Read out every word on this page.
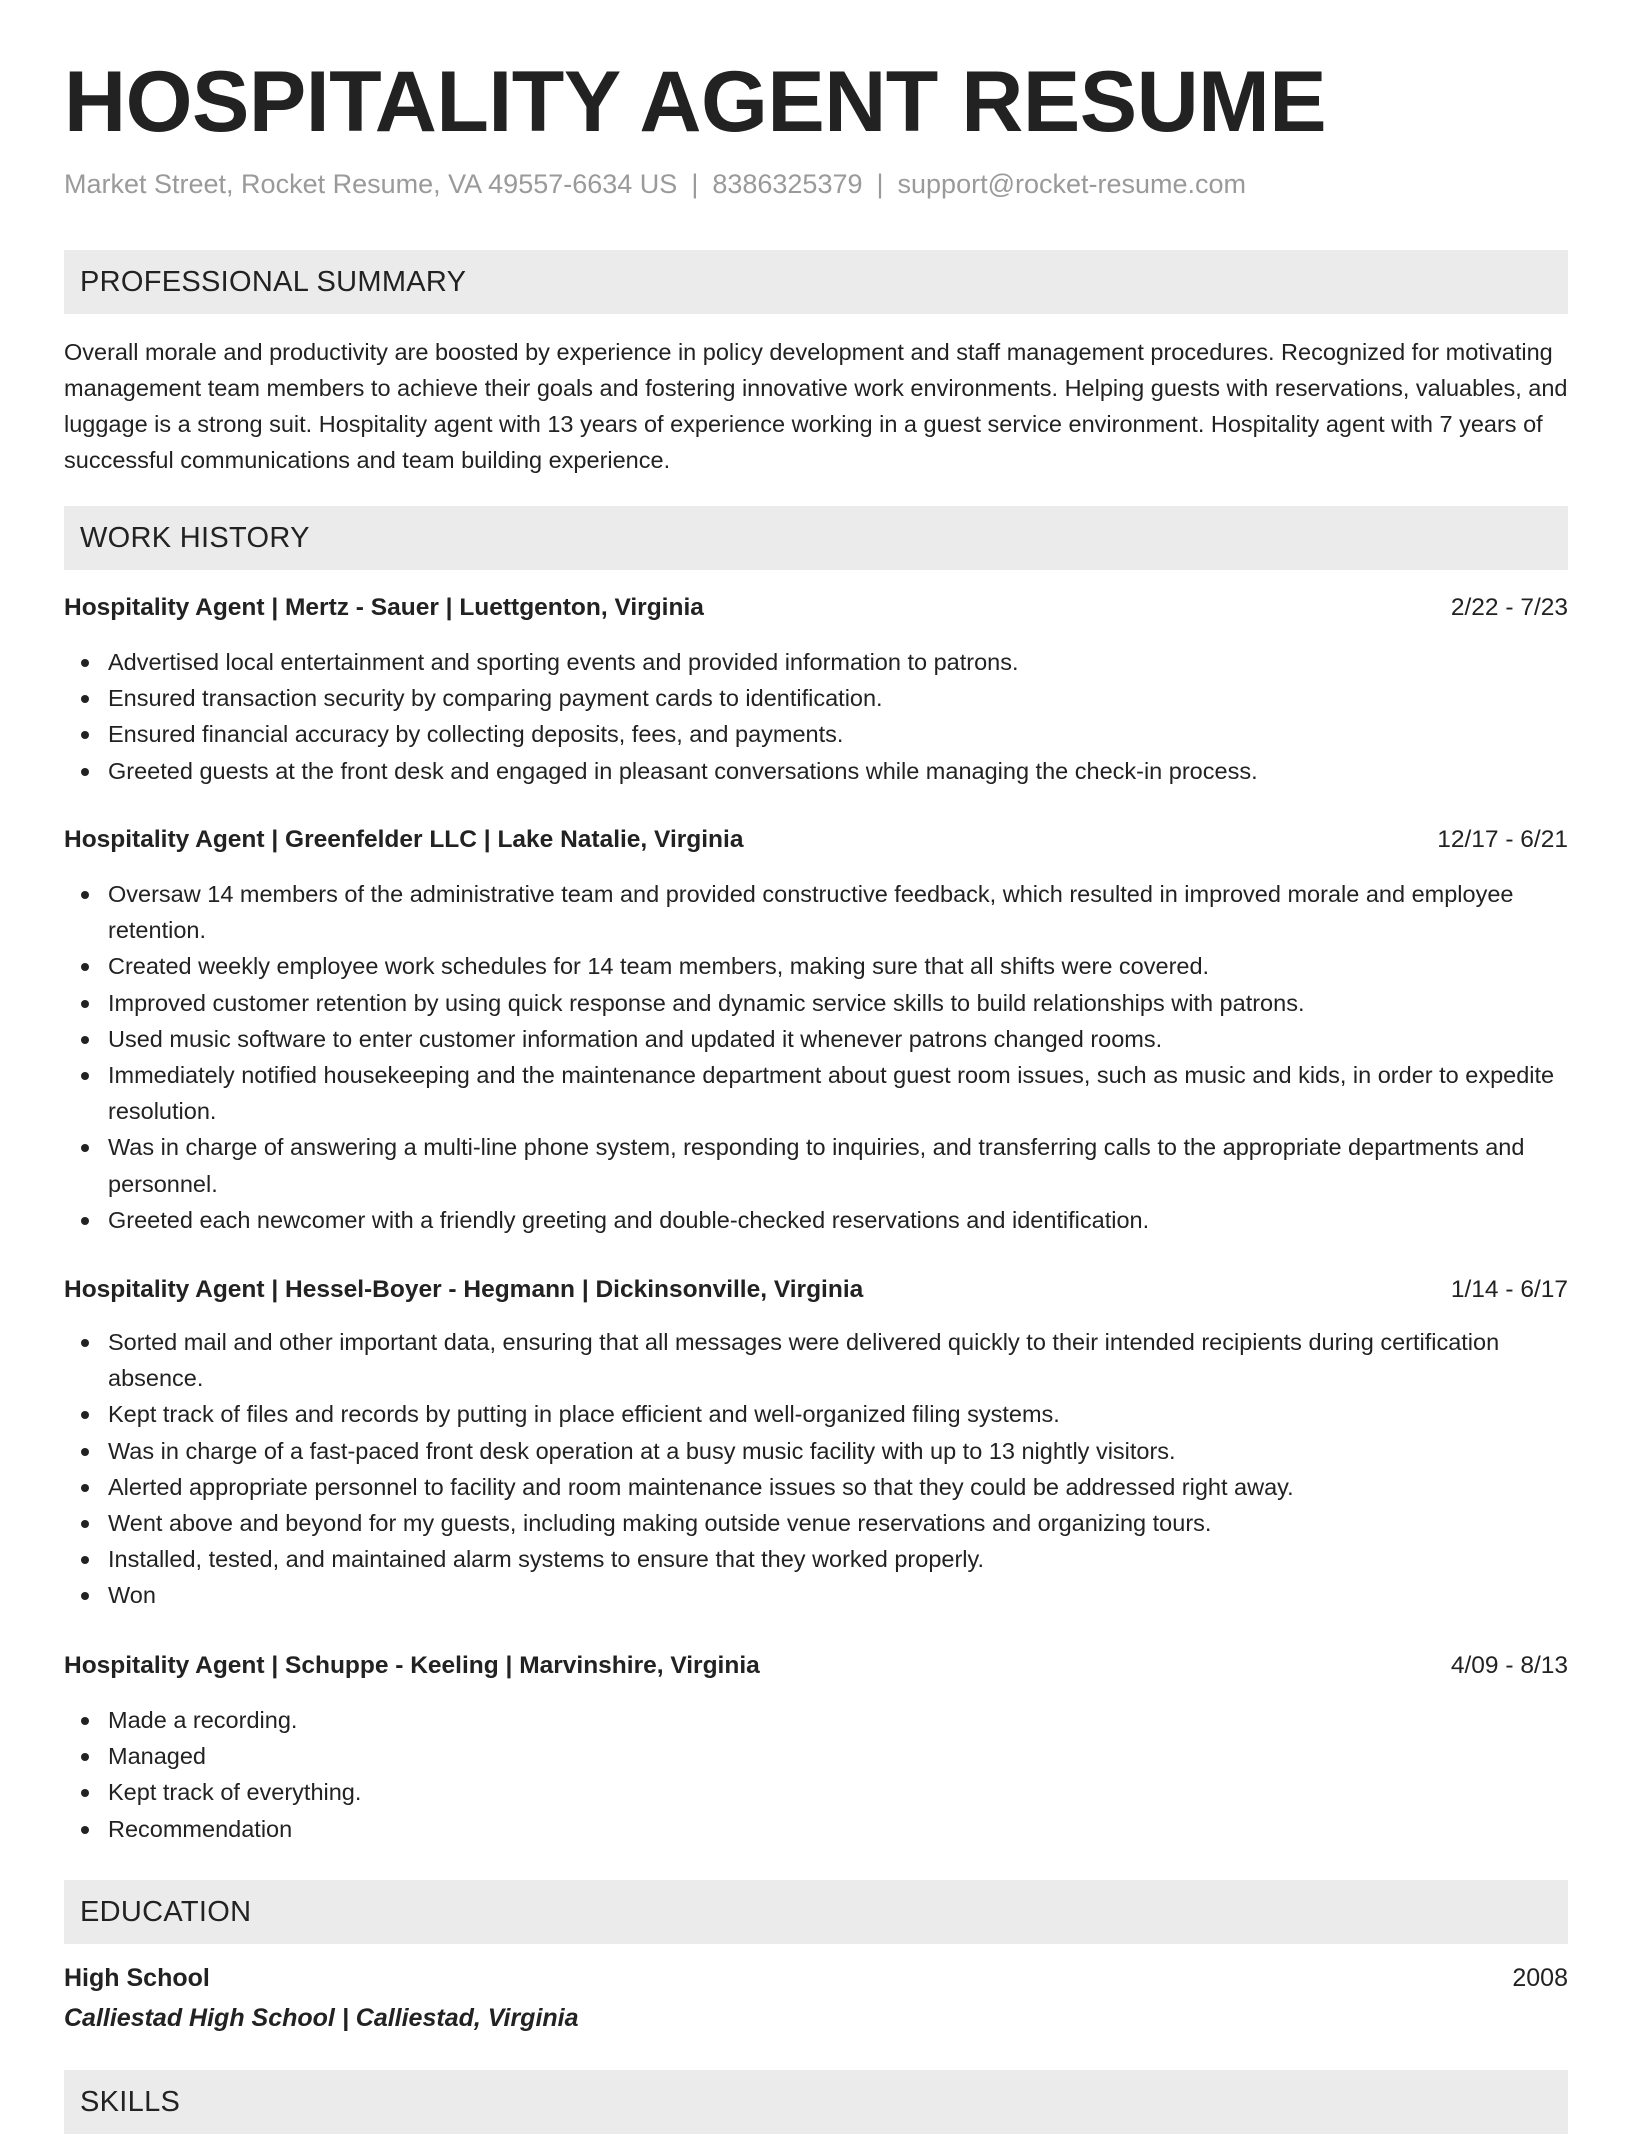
HOSPITALITY AGENT RESUME
Market Street, Rocket Resume, VA 49557-6634 US | 8386325379 | support@rocket-resume.com
PROFESSIONAL SUMMARY

Overall morale and productivity are boosted by experience in policy development and staff management procedures. Recognized for motivating management team members to achieve their goals and fostering innovative work environments. Helping guests with reservations, valuables, and luggage is a strong suit. Hospitality agent with 13 years of experience working in a guest service environment. Hospitality agent with 7 years of successful communications and team building experience.

WORK HISTORY
Hospitality Agent | Mertz - Sauer | Luettgenton, Virginia	2/22 - 7/23
Advertised local entertainment and sporting events and provided information to patrons.
Ensured transaction security by comparing payment cards to identification.
Ensured financial accuracy by collecting deposits, fees, and payments.
Greeted guests at the front desk and engaged in pleasant conversations while managing the check-in process.
Hospitality Agent | Greenfelder LLC | Lake Natalie, Virginia	12/17 - 6/21
Oversaw 14 members of the administrative team and provided constructive feedback, which resulted in improved morale and employee retention.
Created weekly employee work schedules for 14 team members, making sure that all shifts were covered.
Improved customer retention by using quick response and dynamic service skills to build relationships with patrons.
Used music software to enter customer information and updated it whenever patrons changed rooms.
Immediately notified housekeeping and the maintenance department about guest room issues, such as music and kids, in order to expedite resolution.
Was in charge of answering a multi-line phone system, responding to inquiries, and transferring calls to the appropriate departments and personnel.
Greeted each newcomer with a friendly greeting and double-checked reservations and identification.
Hospitality Agent | Hessel-Boyer - Hegmann | Dickinsonville, Virginia	1/14 - 6/17
Sorted mail and other important data, ensuring that all messages were delivered quickly to their intended recipients during certification absence.
Kept track of files and records by putting in place efficient and well-organized filing systems.
Was in charge of a fast-paced front desk operation at a busy music facility with up to 13 nightly visitors.
Alerted appropriate personnel to facility and room maintenance issues so that they could be addressed right away.
Went above and beyond for my guests, including making outside venue reservations and organizing tours.
Installed, tested, and maintained alarm systems to ensure that they worked properly.
Won
Hospitality Agent | Schuppe - Keeling | Marvinshire, Virginia	4/09 - 8/13
Made a recording.
Managed
Kept track of everything.
Recommendation
EDUCATION
High School	2008
Calliestad High School | Calliestad, Virginia
SKILLS
